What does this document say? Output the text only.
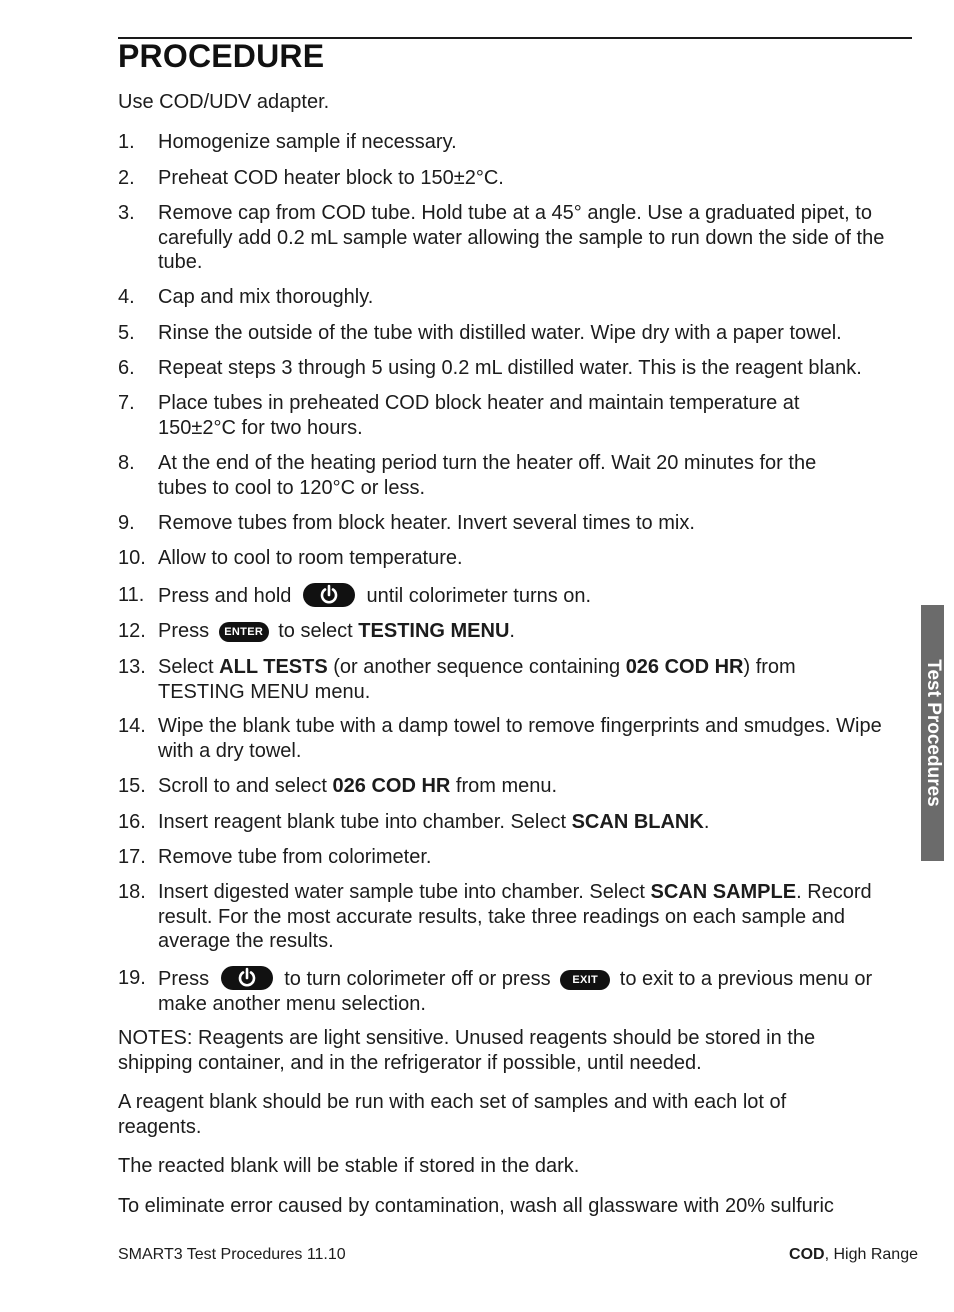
PROCEDURE
Use COD/UDV adapter.
1.	Homogenize sample if necessary.
2.	Preheat COD heater block to 150±2°C.
3.	Remove cap from COD tube. Hold tube at a 45° angle. Use a graduated pipet, to carefully add 0.2 mL sample water allowing the sample to run down the side of the tube.
4.	Cap and mix thoroughly.
5.	Rinse the outside of the tube with distilled water. Wipe dry with a paper towel.
6.	Repeat steps 3 through 5 using 0.2 mL distilled water. This is the reagent blank.
7.	Place tubes in preheated COD block heater and maintain temperature at 150±2°C for two hours.
8.	At the end of the heating period turn the heater off. Wait 20 minutes for the tubes to cool to 120°C or less.
9.	Remove tubes from block heater. Invert several times to mix.
10. Allow to cool to room temperature.
11. Press and hold	until colorimeter turns on.
12. Press ENTER to select TESTING MENU.
13. Select ALL TESTS (or another sequence containing 026 COD HR) from TESTING MENU menu.
14. Wipe the blank tube with a damp towel to remove fingerprints and smudges. Wipe with a dry towel.
15. Scroll to and select 026 COD HR from menu.
16. Insert reagent blank tube into chamber. Select SCAN BLANK.
17. Remove tube from colorimeter.
18. Insert digested water sample tube into chamber. Select SCAN SAMPLE. Record result. For the most accurate results, take three readings on each sample and average the results.
19. Press	to turn colorimeter off or press EXIT to exit to a previous menu or make another menu selection.
NOTES: Reagents are light sensitive. Unused reagents should be stored in the shipping container, and in the refrigerator if possible, until needed.
A reagent blank should be run with each set of samples and with each lot of reagents.
The reacted blank will be stable if stored in the dark.
To eliminate error caused by contamination, wash all glassware with 20% sulfuric
Test Procedures
SMART3 Test Procedures 11.10	COD, High Range
